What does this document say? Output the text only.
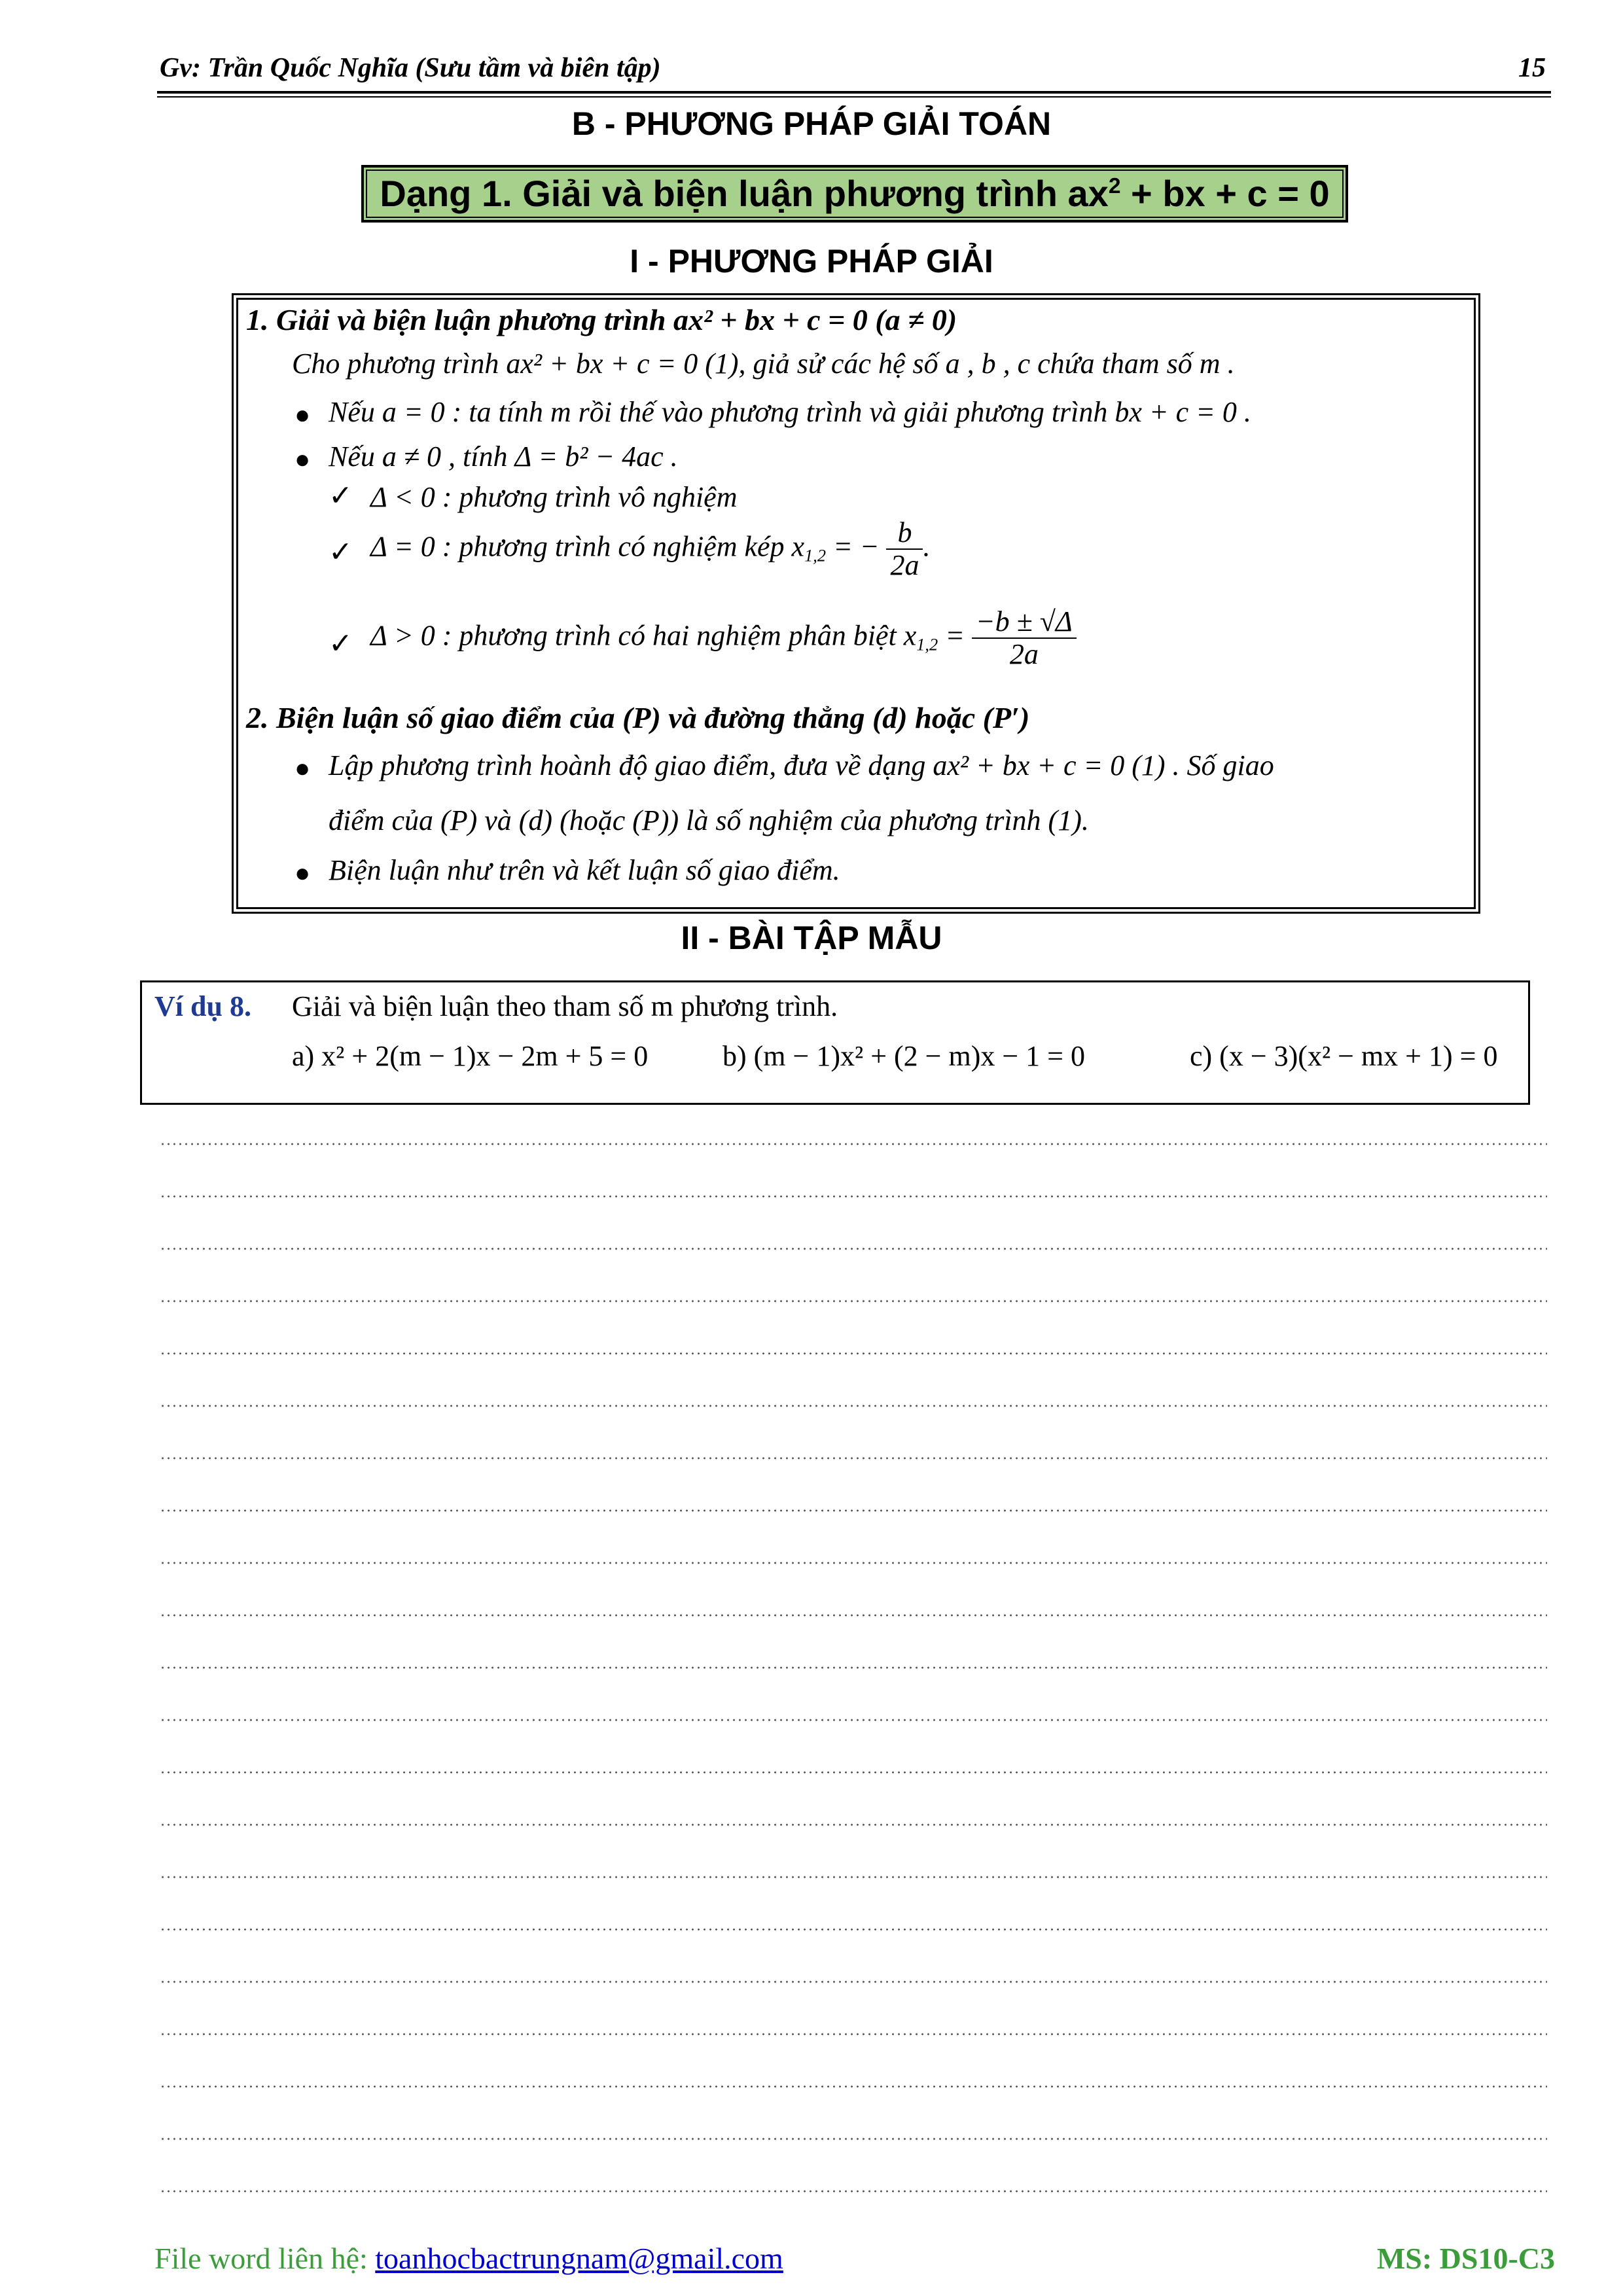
Gv: Trần Quốc Nghĩa (Sưu tầm và biên tập)	15
B - PHƯƠNG PHÁP GIẢI TOÁN
Dạng 1. Giải và biện luận phương trình $ax^2$ + bx + c = 0
I - PHƯƠNG PHÁP GIẢI
1. Giải và biện luận phương trình ax² + bx + c = 0 (a ≠ 0)
Cho phương trình ax² + bx + c = 0 (1), giả sử các hệ số a , b , c chứa tham số m .
● Nếu a = 0 : ta tính m rồi thế vào phương trình và giải phương trình bx + c = 0 .
● Nếu a ≠ 0 , tính Δ = b² − 4ac .
✓ Δ < 0 : phương trình vô nghiệm
✓ Δ = 0 : phương trình có nghiệm kép $x_{1,2}$ = − $\frac{b}{2a}$ .
✓ Δ > 0 : phương trình có hai nghiệm phân biệt $x_{1,2} = \frac{-b \pm √\Delta}{2a}$
2. Biện luận số giao điểm của (P) và đường thẳng (d) hoặc (P′)
● Lập phương trình hoành độ giao điểm, đưa về dạng ax² + bx + c = 0 (1) . Số giao
điểm của (P) và (d) (hoặc (P)) là số nghiệm của phương trình (1).
● Biện luận như trên và kết luận số giao điểm.
II - BÀI TẬP MẪU
Ví dụ 8. Giải và biện luận theo tham số m phương trình.
a) x² + 2(m − 1)x − 2m + 5 = 0	b) (m − 1)x² + (2 − m)x − 1 = 0	c) (x − 3)(x² − mx + 1) = 0
File word liên hệ: toanhocbactrungnam@gmail.com	MS: DS10-C3
